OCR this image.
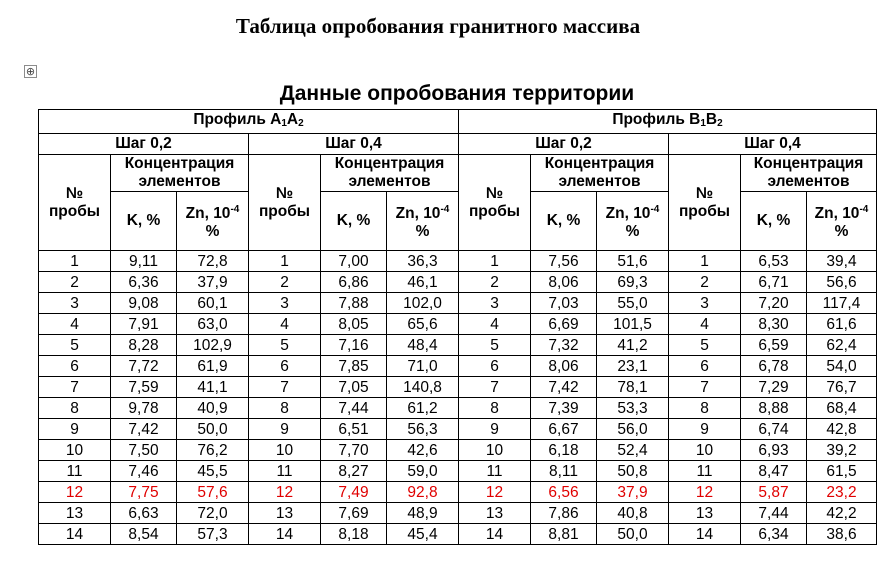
Таблица опробования гранитного массива
⊕
Данные опробования территории
Профиль $A_1A_2$						Профиль $B_1B_2$
Шаг 0,2			Шаг 0,4			Шаг 0,2			Шаг 0,4		
№ пробы	Концентрация элементов		№ пробы	Концентрация элементов		№ пробы	Концентрация элементов		№ пробы	Концентрация элементов	
	K, %	Zn, $10^{-4}$ %		K, %	Zn, $10^{-4}$ %		K, %	Zn, $10^{-4}$ %		K, %	Zn, $10^{-4}$ %
1	9,11	72,8	1	7,00	36,3	1	7,56	51,6	1	6,53	39,4
2	6,36	37,9	2	6,86	46,1	2	8,06	69,3	2	6,71	56,6
3	9,08	60,1	3	7,88	102,0	3	7,03	55,0	3	7,20	117,4
4	7,91	63,0	4	8,05	65,6	4	6,69	101,5	4	8,30	61,6
5	8,28	102,9	5	7,16	48,4	5	7,32	41,2	5	6,59	62,4
6	7,72	61,9	6	7,85	71,0	6	8,06	23,1	6	6,78	54,0
7	7,59	41,1	7	7,05	140,8	7	7,42	78,1	7	7,29	76,7
8	9,78	40,9	8	7,44	61,2	8	7,39	53,3	8	8,88	68,4
9	7,42	50,0	9	6,51	56,3	9	6,67	56,0	9	6,74	42,8
10	7,50	76,2	10	7,70	42,6	10	6,18	52,4	10	6,93	39,2
11	7,46	45,5	11	8,27	59,0	11	8,11	50,8	11	8,47	61,5
12	7,75	57,6	12	7,49	92,8	12	6,56	37,9	12	5,87	23,2
13	6,63	72,0	13	7,69	48,9	13	7,86	40,8	13	7,44	42,2
14	8,54	57,3	14	8,18	45,4	14	8,81	50,0	14	6,34	38,6
